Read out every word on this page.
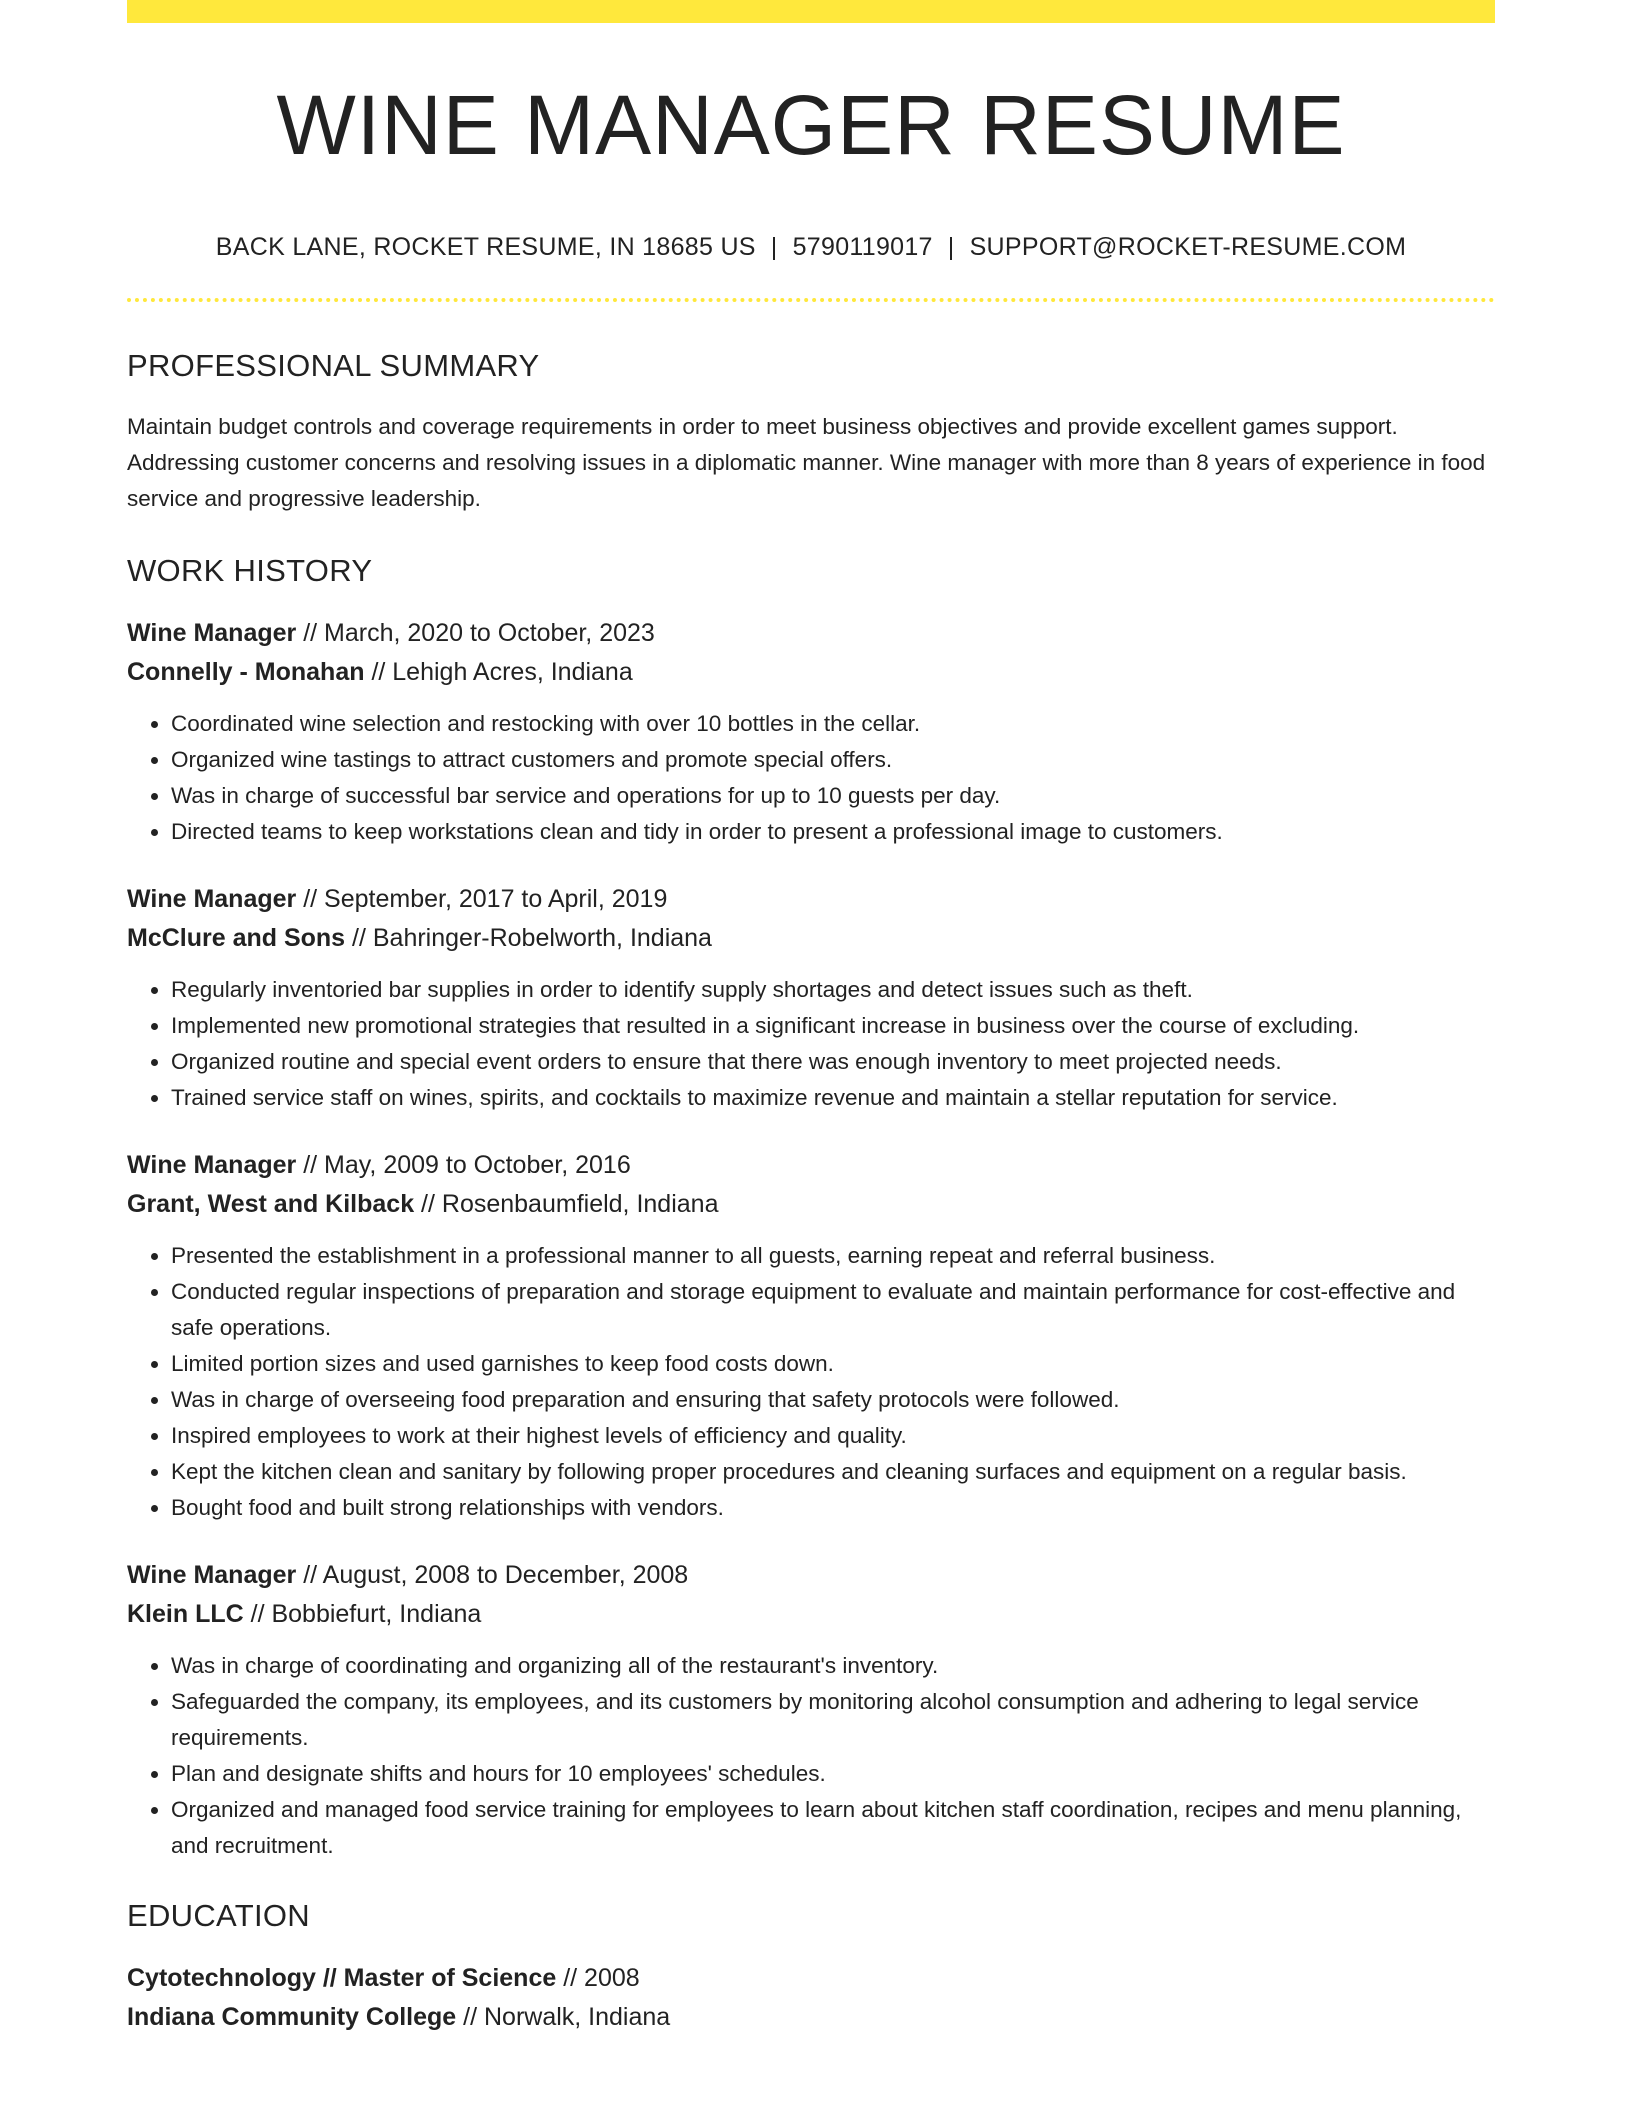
WINE MANAGER RESUME
BACK LANE, ROCKET RESUME, IN 18685 US | 5790119017 | SUPPORT@ROCKET-RESUME.COM
PROFESSIONAL SUMMARY

Maintain budget controls and coverage requirements in order to meet business objectives and provide excellent games support. Addressing customer concerns and resolving issues in a diplomatic manner. Wine manager with more than 8 years of experience in food service and progressive leadership.

WORK HISTORY
Wine Manager // March, 2020 to October, 2023
Connelly - Monahan // Lehigh Acres, Indiana
• Coordinated wine selection and restocking with over 10 bottles in the cellar.
• Organized wine tastings to attract customers and promote special offers.
• Was in charge of successful bar service and operations for up to 10 guests per day.
• Directed teams to keep workstations clean and tidy in order to present a professional image to customers.
Wine Manager // September, 2017 to April, 2019
McClure and Sons // Bahringer-Robelworth, Indiana
• Regularly inventoried bar supplies in order to identify supply shortages and detect issues such as theft.
• Implemented new promotional strategies that resulted in a significant increase in business over the course of excluding.
• Organized routine and special event orders to ensure that there was enough inventory to meet projected needs.
• Trained service staff on wines, spirits, and cocktails to maximize revenue and maintain a stellar reputation for service.
Wine Manager // May, 2009 to October, 2016
Grant, West and Kilback // Rosenbaumfield, Indiana
• Presented the establishment in a professional manner to all guests, earning repeat and referral business.
• Conducted regular inspections of preparation and storage equipment to evaluate and maintain performance for cost-effective and safe operations.
• Limited portion sizes and used garnishes to keep food costs down.
• Was in charge of overseeing food preparation and ensuring that safety protocols were followed.
• Inspired employees to work at their highest levels of efficiency and quality.
• Kept the kitchen clean and sanitary by following proper procedures and cleaning surfaces and equipment on a regular basis.
• Bought food and built strong relationships with vendors.
Wine Manager // August, 2008 to December, 2008
Klein LLC // Bobbiefurt, Indiana
• Was in charge of coordinating and organizing all of the restaurant's inventory.
• Safeguarded the company, its employees, and its customers by monitoring alcohol consumption and adhering to legal service requirements.
• Plan and designate shifts and hours for 10 employees' schedules.
• Organized and managed food service training for employees to learn about kitchen staff coordination, recipes and menu planning, and recruitment.
EDUCATION
Cytotechnology // Master of Science // 2008
Indiana Community College // Norwalk, Indiana
